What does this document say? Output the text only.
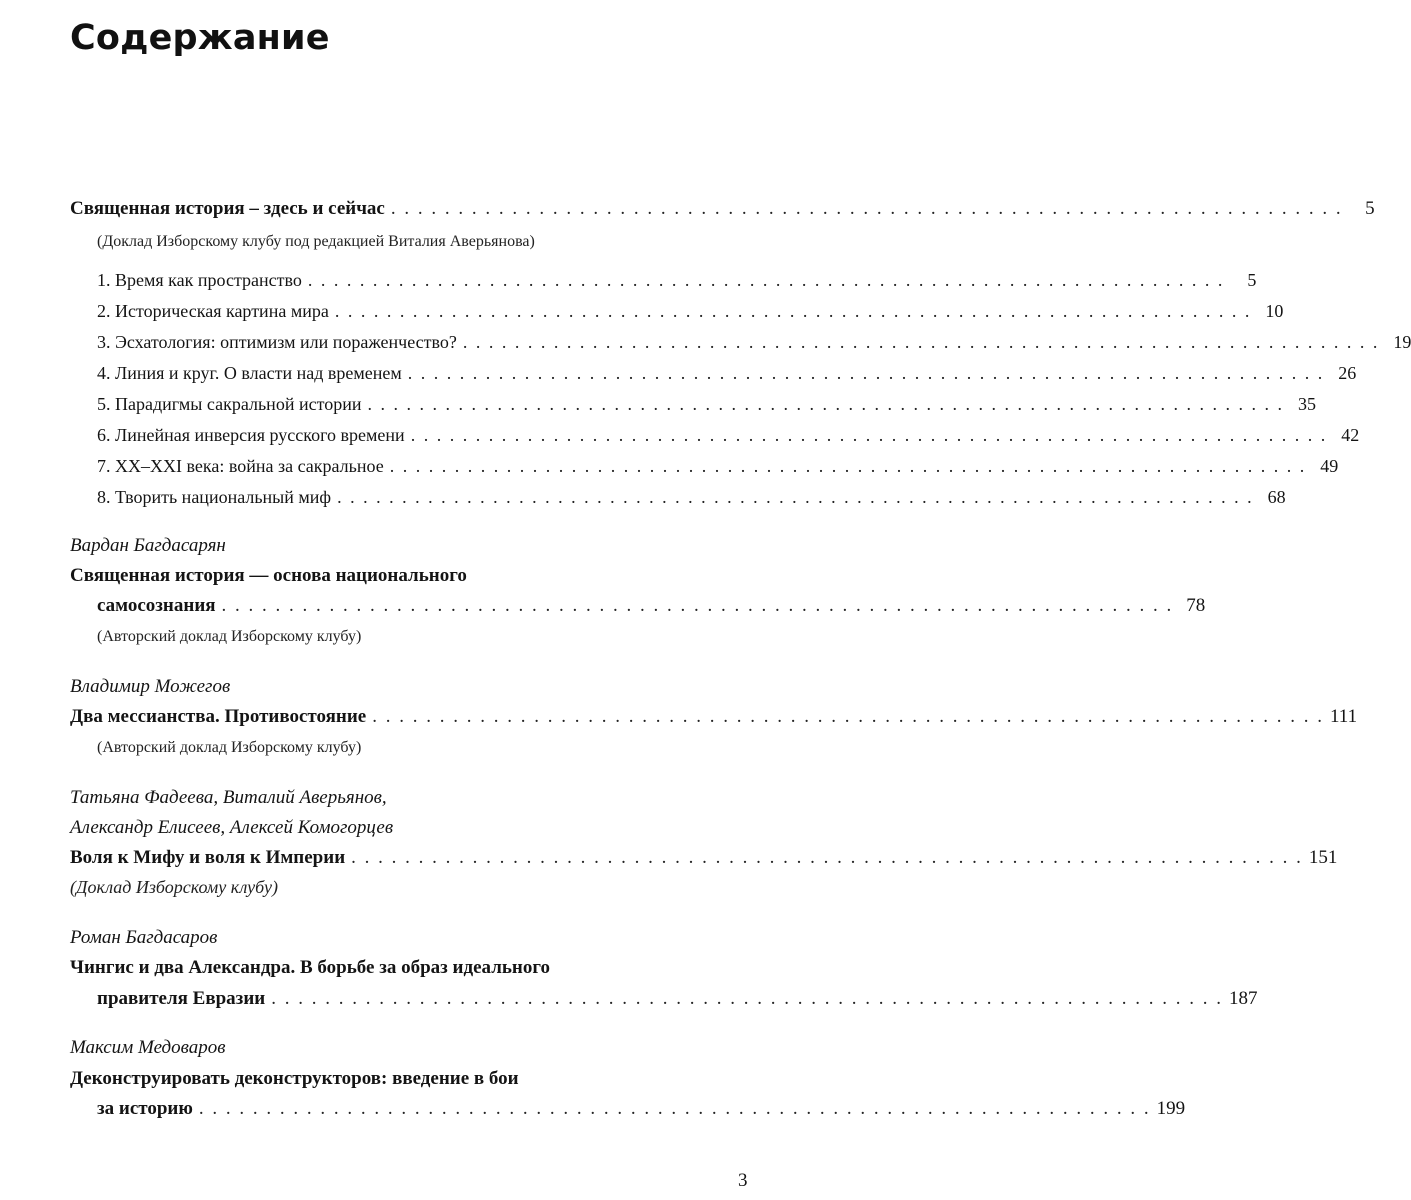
Содержание
Священная история – здесь и сейчас . . . . . . . . . . . . . . . . . . . . . . . . . . . . . . . . . . . . . . . . . . . . . . . . . . . . . . . . . . . . . . . . . . . . . . .	5
(Доклад Изборскому клубу под редакцией Виталия Аверьянова)
1. Время как пространство . . . . . . . . . . . . . . . . . . . . . . . . . . . . . . . . . . . . . . . . . . . . . . . . . . . . . . . . . . . . . . . . . . . . . . .	5
2. Историческая картина мира . . . . . . . . . . . . . . . . . . . . . . . . . . . . . . . . . . . . . . . . . . . . . . . . . . . . . . . . . . . . . . . . . . . . . . . 10
3. Эсхатология: оптимизм или пораженчество? . . . . . . . . . . . . . . . . . . . . . . . . . . . . . . . . . . . . . . . . . . . . . . . . . . . . . . . . . . . . . . . . . . . . . . . 19
4. Линия и круг. О власти над временем . . . . . . . . . . . . . . . . . . . . . . . . . . . . . . . . . . . . . . . . . . . . . . . . . . . . . . . . . . . . . . . . . . . . . . . 26
5. Парадигмы сакральной истории . . . . . . . . . . . . . . . . . . . . . . . . . . . . . . . . . . . . . . . . . . . . . . . . . . . . . . . . . . . . . . . . . . . . . . . 35
6. Линейная инверсия русского времени . . . . . . . . . . . . . . . . . . . . . . . . . . . . . . . . . . . . . . . . . . . . . . . . . . . . . . . . . . . . . . . . . . . . . . . 42
7. XX–XXI века: война за сакральное . . . . . . . . . . . . . . . . . . . . . . . . . . . . . . . . . . . . . . . . . . . . . . . . . . . . . . . . . . . . . . . . . . . . . . . 49
8. Творить национальный миф . . . . . . . . . . . . . . . . . . . . . . . . . . . . . . . . . . . . . . . . . . . . . . . . . . . . . . . . . . . . . . . . . . . . . . . 68
Вардан Багдасарян
Священная история — основа национального
самосознания . . . . . . . . . . . . . . . . . . . . . . . . . . . . . . . . . . . . . . . . . . . . . . . . . . . . . . . . . . . . . . . . . . . . . . . 78
(Авторский доклад Изборскому клубу)
Владимир Можегов
Два мессианства. Противостояние . . . . . . . . . . . . . . . . . . . . . . . . . . . . . . . . . . . . . . . . . . . . . . . . . . . . . . . . . . . . . . . . . . . . . . . 111
(Авторский доклад Изборскому клубу)
Татьяна Фадеева, Виталий Аверьянов,
Александр Елисеев, Алексей Комогорцев
Воля к Мифу и воля к Империи . . . . . . . . . . . . . . . . . . . . . . . . . . . . . . . . . . . . . . . . . . . . . . . . . . . . . . . . . . . . . . . . . . . . . . . 151
(Доклад Изборскому клубу)
Роман Багдасаров
Чингис и два Александра. В борьбе за образ идеального
правителя Евразии . . . . . . . . . . . . . . . . . . . . . . . . . . . . . . . . . . . . . . . . . . . . . . . . . . . . . . . . . . . . . . . . . . . . . . . 187
Максим Медоваров
Деконструировать деконструкторов: введение в бои
за историю . . . . . . . . . . . . . . . . . . . . . . . . . . . . . . . . . . . . . . . . . . . . . . . . . . . . . . . . . . . . . . . . . . . . . . . 199
3
